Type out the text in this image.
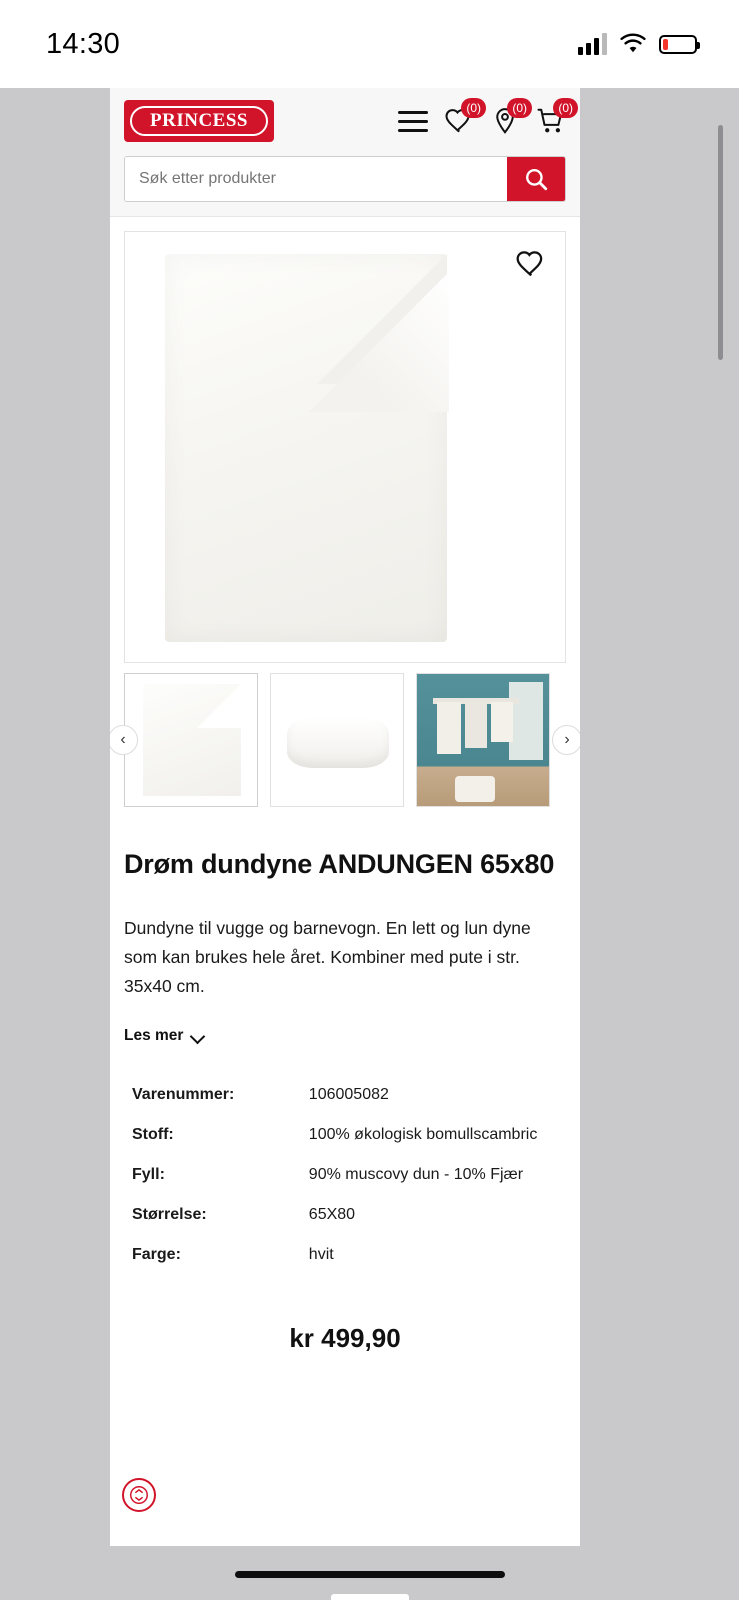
14:30
PRINCESS
(0)	(0)	(0)
Søk etter produkter
‹	›
Drøm dundyne ANDUNGEN 65x80

Dundyne til vugge og barnevogn. En lett og lun dyne som kan brukes hele året. Kombiner med pute i str. 35x40 cm.

Les mer
Varenummer:	106005082
Stoff:	100% økologisk bomullscambric
Fyll:	90% muscovy dun - 10% Fjær
Størrelse:	65X80
Farge:	hvit
kr 499,90
